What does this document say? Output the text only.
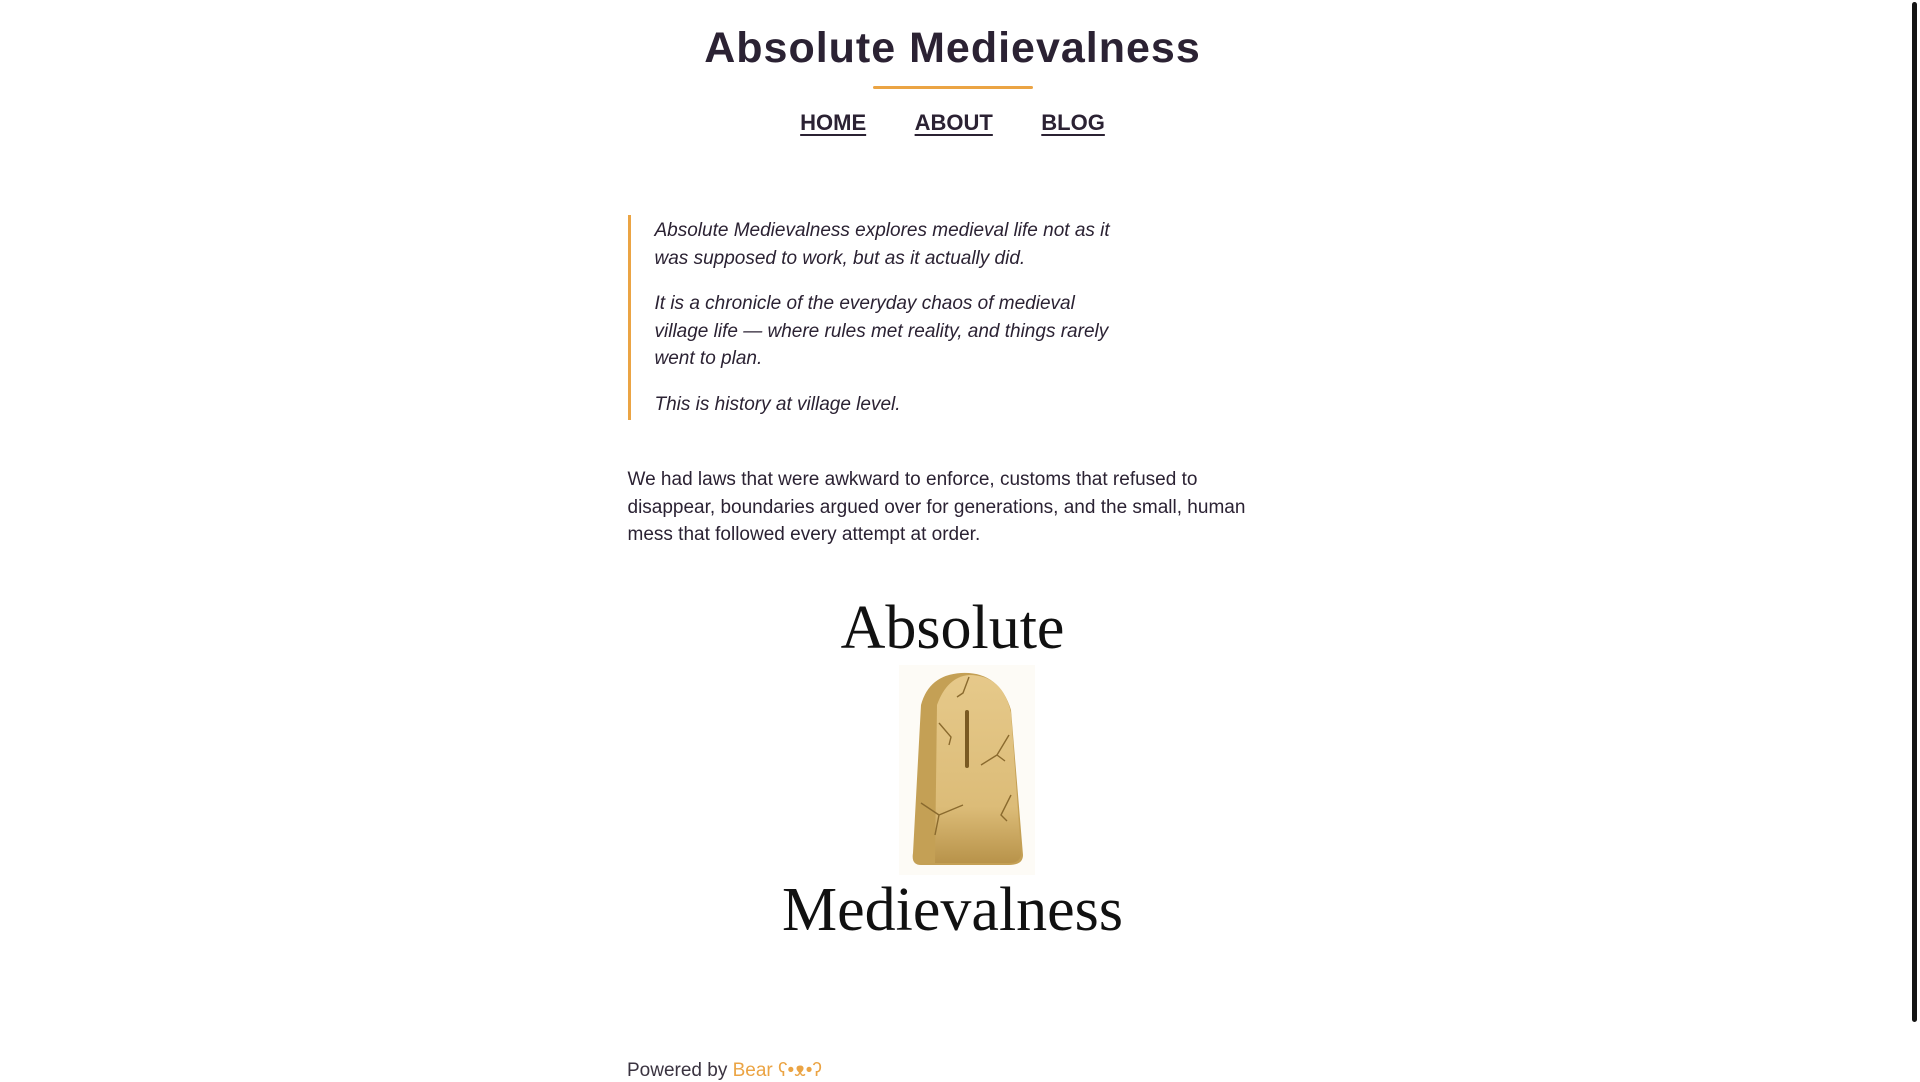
Absolute Medievalness
HOME ABOUT BLOG

Absolute Medievalness explores medieval life not as it was supposed to work, but as it actually did.

It is a chronicle of the everyday chaos of medieval village life — where rules met reality, and things rarely went to plan.

This is history at village level.

We had laws that were awkward to enforce, customs that refused to disappear, boundaries argued over for generations, and the small, human mess that followed every attempt at order.

Absolute
Medievalness

Powered by Bear ʕ•ᴥ•ʔ
